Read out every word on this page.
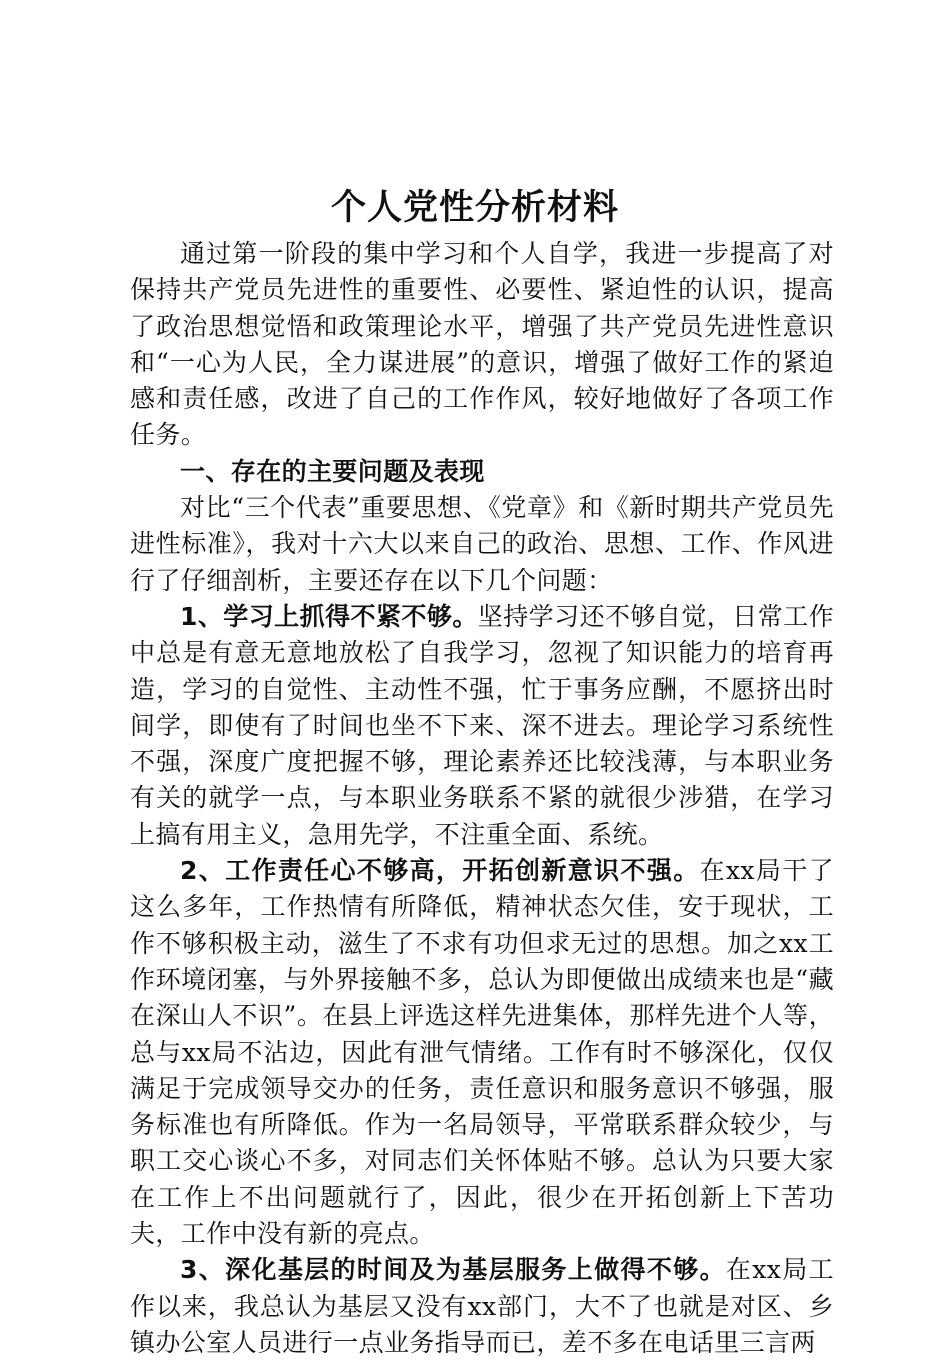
个人党性分析材料

通过第一阶段的集中学习和个人自学，我进一步提高了对保持共产党员先进性的重要性、必要性、紧迫性的认识，提高了政治思想觉悟和政策理论水平，增强了共产党员先进性意识和“一心为人民，全力谋进展”的意识，增强了做好工作的紧迫感和责任感，改进了自己的工作作风，较好地做好了各项工作任务。

一、存在的主要问题及表现

对比“三个代表”重要思想、《党章》和《新时期共产党员先进性标准》，我对十六大以来自己的政治、思想、工作、作风进行了仔细剖析，主要还存在以下几个问题：

1、学习上抓得不紧不够。坚持学习还不够自觉，日常工作中总是有意无意地放松了自我学习，忽视了知识能力的培育再造，学习的自觉性、主动性不强，忙于事务应酬，不愿挤出时间学，即使有了时间也坐不下来、深不进去。理论学习系统性不强，深度广度把握不够，理论素养还比较浅薄，与本职业务有关的就学一点，与本职业务联系不紧的就很少涉猎，在学习上搞有用主义，急用先学，不注重全面、系统。

2、工作责任心不够高，开拓创新意识不强。在xx局干了这么多年，工作热情有所降低，精神状态欠佳，安于现状，工作不够积极主动，滋生了不求有功但求无过的思想。加之xx工作环境闭塞，与外界接触不多，总认为即便做出成绩来也是“藏在深山人不识”。在县上评选这样先进集体，那样先进个人等，总与xx局不沾边，因此有泄气情绪。工作有时不够深化，仅仅满足于完成领导交办的任务，责任意识和服务意识不够强，服务标准也有所降低。作为一名局领导，平常联系群众较少，与职工交心谈心不多，对同志们关怀体贴不够。总认为只要大家在工作上不出问题就行了，因此，很少在开拓创新上下苦功夫，工作中没有新的亮点。

3、深化基层的时间及为基层服务上做得不够。在xx局工作以来，我总认为基层又没有xx部门，大不了也就是对区、乡镇办公室人员进行一点业务指导而已，差不多在电话里三言两
